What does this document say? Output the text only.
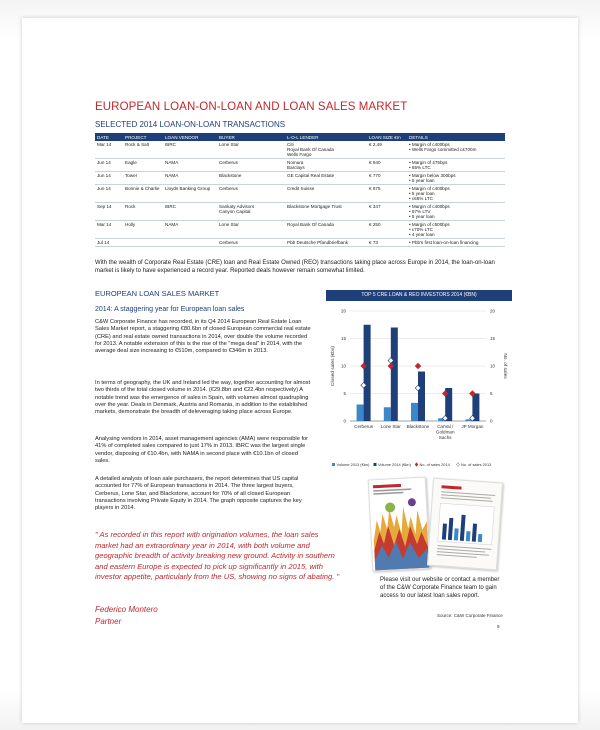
EUROPEAN LOAN-ON-LOAN AND LOAN SALES MARKET
SELECTED 2014 LOAN-ON-LOAN TRANSACTIONS
DATE	PROJECT	LOAN VENDOR	BUYER	L-O-L LENDER	LOAN SIZE €m	DETAILS
Mar 14	Rock & Salt	IBRC	Lone Star	Citi
Royal Bank Of Canada
Wells Fargo	€ 2,49	• Margin of c400bps
• Wells Fargo committed c£700m

Jun 14	Eagle	NAMA	Cerberus	Nomura
Barclays	€ 940	• Margin of 475bps
• 65% LTC

Jun 14	Tower	NAMA	Blackstone	GE Capital Real Estate	€ 770	• Margin below 300bps
• 5 year loan

Jun 14	Bonnie & Charlie	Lloyds Banking Group	Cerberus	Credit Suisse	€ 675	• Margin of c400bps
• 5 year loan
• c65% LTC

Sep 14	Rock	IBRC	Sankaty Advisors
Canyon Capital	Blackstone Mortgage Trust	€ 347	• Margin of c400bps
• 57% LTV
• 5 year loan

Mar 14	Holly	NAMA	Lone Star	Royal Bank Of Canada	€ 250	• Margin of c500bps
• c70% LTC
• 4 year loan

Jul 14			Cerberus	Pbb Deutsche Pfandbriefbank	€ 73	• Pbb's first loan-on-loan financing
With the wealth of Corporate Real Estate (CRE) loan and Real Estate Owned (REO) transactions taking place across Europe in 2014, the loan-on-loan market is likely to have experienced a record year. Reported deals however remain somewhat limited.
EUROPEAN LOAN SALES MARKET
2014: A staggering year for European loan sales
C&W Corporate Finance has recorded, in its Q4 2014 European Real Estate Loan Sales Market report, a staggering €80.6bn of closed European commercial real estate (CRE) and real estate owned transactions in 2014, over double the volume recorded for 2013. A notable extension of this is the rise of the "mega deal" in 2014, with the average deal size increasing to €510m, compared to €346m in 2013.
In terms of geography, the UK and Ireland led the way, together accounting for almost two thirds of the total closed volume in 2014. (€29.8bn and €22.4bn respectively) A notable trend was the emergence of sales in Spain, with volumes almost quadrupling over the year. Deals in Denmark, Austria and Romania, in addition to the established markets, demonstrate the breadth of deleveraging taking place across Europe.
Analysing vendors in 2014, asset management agencies (AMA) were responsible for 41% of completed sales compared to just 17% in 2013. IBRC was the largest single vendor, disposing of €10.4bn, with NAMA in second place with €10.1bn of closed sales.
A detailed analysis of loan sale purchasers, the report determines that US capital accounted for 77% of European transactions in 2014. The three largest buyers, Cerberus, Lone Star, and Blackstone, account for 70% of all closed European transactions involving Private Equity in 2014. The graph opposite captures the key players in 2014.
" As recorded in this report with origination volumes, the loan sales market had an extraordinary year in 2014, with both volume and geographic breadth of activity breaking new ground. Activity in southern and eastern Europe is expected to pick up significantly in 2015, with investor appetite, particularly from the US, showing no signs of abating. "
Federico Montero
Partner
TOP 5 CRE LOAN & REO INVESTORS 2014 (€BN)
0
5
10
15
20
0
5
10
15
20
Closed sales (€bn)	No. of sales
Cerberus Lone Star Blackstone CarVal /
Goldman
Sachs
JP Morgan
Volume 2013 (€bn) Volume 2014 (€bn) No. of sales 2014	No. of sales 2013
Please visit our website or contact a member of the C&W Corporate Finance team to gain access to our latest loan sales report.
Source: C&W Corporate Finance
9
